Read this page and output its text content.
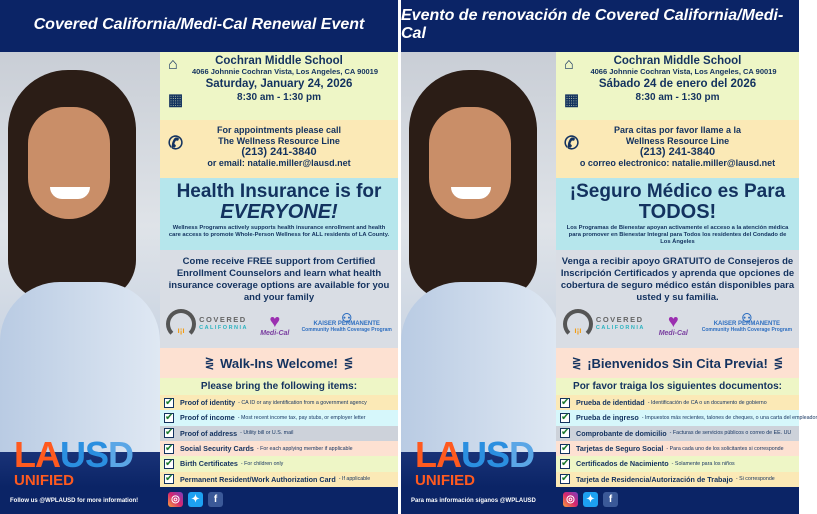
Covered California/Medi-Cal Renewal Event
LAUSD
UNIFIED
⌂
▦
Cochran Middle School
4066 Johnnie Cochran Vista, Los Angeles, CA 90019
Saturday, January 24, 2026
8:30 am - 1:30 pm
✆
For appointments please call
The Wellness Resource Line
(213) 241-3840
or email: natalie.miller@lausd.net
Health Insurance is for
EVERYONE!
Wellness Programs actively supports health insurance enrollment and health care access to promote Whole-Person Wellness for ALL residents of LA County.
Come receive FREE support from Certified Enrollment Counselors and learn what health insurance coverage options are available for you and your family
ı¡ı
COVERED
CALIFORNIA	♥
Medi-Cal
⚇
KAISER PERMANENTE
Community Health Coverage Program
⋛ Walk-Ins Welcome! ⋚
Please bring the following items:
✔ Proof of identity - CA ID or any identification from a government agency
✔ Proof of income - Most recent income tax, pay stubs, or employer letter
✔ Proof of address - Utility bill or U.S. mail
✔ Social Security Cards - For each applying member if applicable
✔ Birth Certificates - For children only
✔ Permanent Resident/Work Authorization Card - If applicable
Follow us @WPLAUSD for more information!	◎	✦	f
Evento de renovación de Covered California/Medi-Cal
LAUSD
UNIFIED
⌂
▦
Cochran Middle School
4066 Johnnie Cochran Vista, Los Angeles, CA 90019
Sábado 24 de enero del 2026
8:30 am - 1:30 pm
✆
Para citas por favor llame a la
Wellness Resource Line
(213) 241-3840
o correo electronico: natalie.miller@lausd.net
¡Seguro Médico es Para
TODOS!
Los Programas de Bienestar apoyan activamente el acceso a la atención médica para promover en Bienestar Integral para Todos los residentes del Condado de Los Ángeles
Venga a recibir apoyo GRATUITO de Consejeros de Inscripción Certificados y aprenda que opciones de cobertura de seguro médico están disponibles para usted y su familia.
ı¡ı
COVERED
CALIFORNIA	♥
Medi-Cal
⚇
KAISER PERMANENTE
Community Health Coverage Program
⋛ ¡Bienvenidos Sin Cita Previa! ⋚
Por favor traiga los siguientes documentos:
✔ Prueba de identidad - Identificación de CA o un documento de gobierno
✔ Prueba de ingreso - Impuestos más recientes, talones de cheques, o una carta del empleador
✔ Comprobante de domicilio - Facturas de servicios públicos o correo de EE. UU
✔ Tarjetas de Seguro Social - Para cada uno de los solicitantes si corresponde
✔ Certificados de Nacimiento - Solamente para los niños
✔ Tarjeta de Residencia/Autorización de Trabajo - Si corresponde
Para mas información síganos @WPLAUSD	◎	✦	f
